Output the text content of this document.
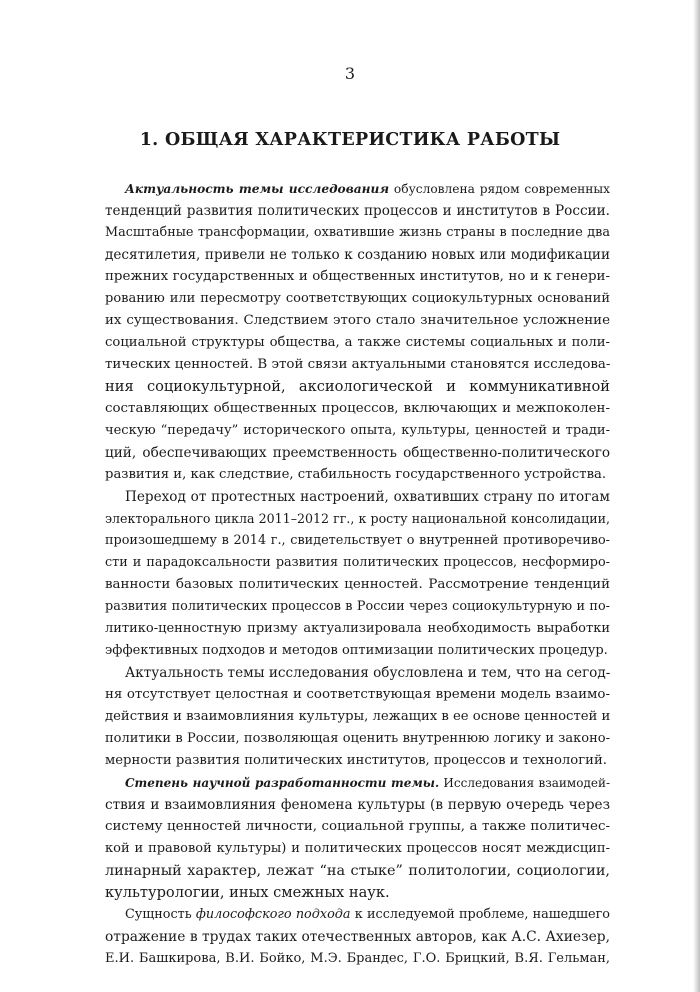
3
1. ОБЩАЯ ХАРАКТЕРИСТИКА РАБОТЫ
Актуальность темы исследования обусловлена рядом современных
тенденций развития политических процессов и институтов в России.
Масштабные трансформации, охватившие жизнь страны в последние два
десятилетия, привели не только к созданию новых или модификации
прежних государственных и общественных институтов, но и к генери-
рованию или пересмотру соответствующих социокультурных оснований
их существования. Следствием этого стало значительное усложнение
социальной структуры общества, а также системы социальных и поли-
тических ценностей. В этой связи актуальными становятся исследова-
ния социокультурной, аксиологической и коммуникативной
составляющих общественных процессов, включающих и межпоколен-
ческую “передачу” исторического опыта, культуры, ценностей и тради-
ций, обеспечивающих преемственность общественно-политического
развития и, как следствие, стабильность государственного устройства.
Переход от протестных настроений, охвативших страну по итогам
электорального цикла 2011–2012 гг., к росту национальной консолидации,
произошедшему в 2014 г., свидетельствует о внутренней противоречиво-
сти и парадоксальности развития политических процессов, несформиро-
ванности базовых политических ценностей. Рассмотрение тенденций
развития политических процессов в России через социокультурную и по-
литико-ценностную призму актуализировала необходимость выработки
эффективных подходов и методов оптимизации политических процедур.
Актуальность темы исследования обусловлена и тем, что на сегод-
ня отсутствует целостная и соответствующая времени модель взаимо-
действия и взаимовлияния культуры, лежащих в ее основе ценностей и
политики в России, позволяющая оценить внутреннюю логику и законо-
мерности развития политических институтов, процессов и технологий.
Степень научной разработанности темы. Исследования взаимодей-
ствия и взаимовлияния феномена культуры (в первую очередь через
систему ценностей личности, социальной группы, а также политичес-
кой и правовой культуры) и политических процессов носят междисцип-
линарный характер, лежат “на стыке” политологии, социологии,
культурологии, иных смежных наук.
Сущность философского подхода к исследуемой проблеме, нашедшего
отражение в трудах таких отечественных авторов, как А.С. Ахиезер,
Е.И. Башкирова, В.И. Бойко, М.Э. Брандес, Г.О. Брицкий, В.Я. Гельман,
